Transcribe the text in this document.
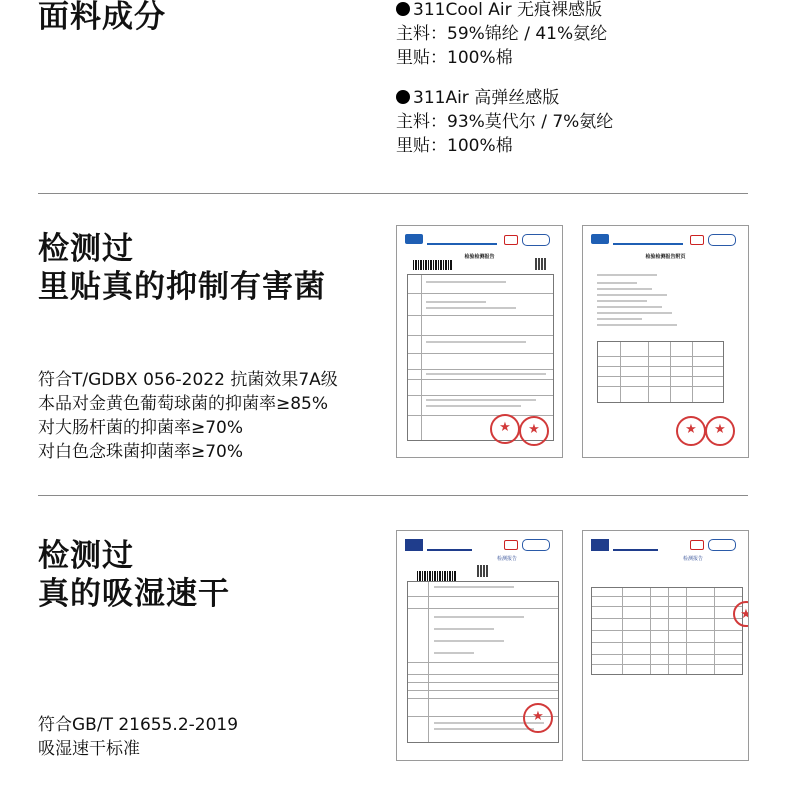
面料成分	311Cool Air 无痕裸感版
主料：59%锦纶 / 41%氨纶
里贴：100%棉
311Air 高弹丝感版
主料：93%莫代尔 / 7%氨纶
里贴：100%棉
检测过
里贴真的抑制有害菌
符合T/GDBX 056-2022 抗菌效果7A级
本品对金黄色葡萄球菌的抑菌率≥85%
对大肠杆菌的抑菌率≥70%
对白色念珠菌抑菌率≥70%
检验检测报告
★
★	检验检测报告附页
★
★
检测过
真的吸湿速干
符合GB/T 21655.2-2019
吸湿速干标准
检测报告
★	检测报告
★
